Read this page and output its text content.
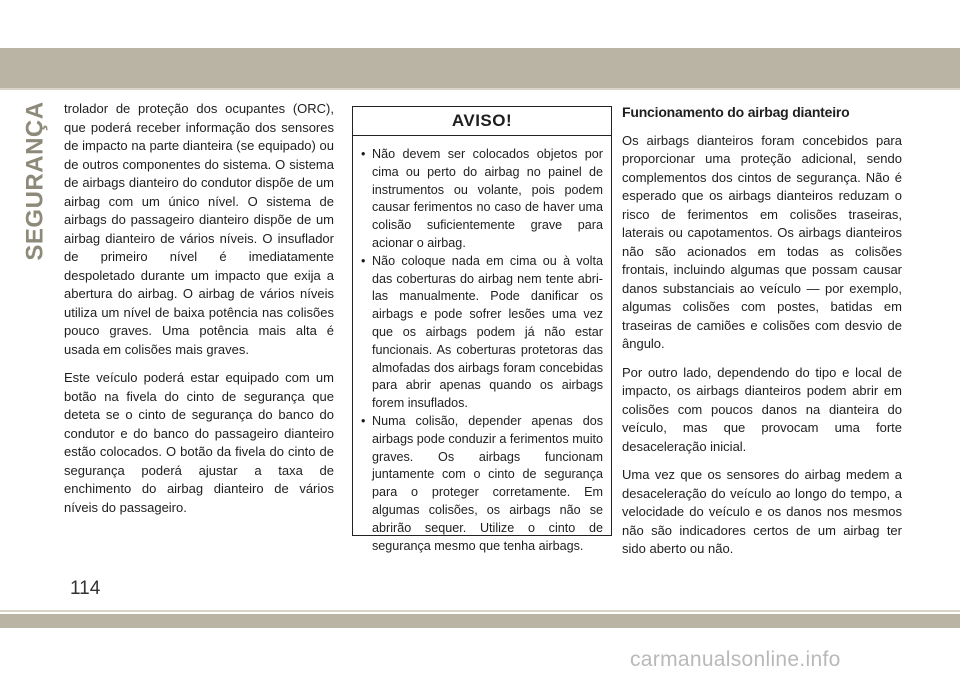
SEGURANÇA trolador de proteção dos ocupantes (ORC), que poderá receber informação dos sensores de impacto na parte dianteira (se equipado) ou de outros componentes do sistema. O sistema de airbags dianteiro do condutor dispõe de um airbag com um único nível. O sistema de airbags do passageiro dianteiro dispõe de um airbag dianteiro de vários níveis. O insuflador de primeiro nível é imediatamente despoletado durante um impacto que exija a abertura do airbag. O airbag de vários níveis utiliza um nível de baixa potência nas colisões pouco graves. Uma potência mais alta é usada em colisões mais graves.

Este veículo poderá estar equipado com um botão na fivela do cinto de segurança que deteta se o cinto de segurança do banco do condutor e do banco do passageiro dianteiro estão colocados. O botão da fivela do cinto de segurança poderá ajustar a taxa de enchimento do airbag dianteiro de vários níveis do passageiro.

AVISO!
• Não devem ser colocados objetos por cima ou perto do airbag no painel de instrumentos ou volante, pois podem causar ferimentos no caso de haver uma colisão suficientemente grave para acionar o airbag.
• Não coloque nada em cima ou à volta das coberturas do airbag nem tente abri-las manualmente. Pode danificar os airbags e pode sofrer lesões uma vez que os airbags podem já não estar funcionais. As coberturas protetoras das almofadas dos airbags foram concebidas para abrir apenas quando os airbags forem insuflados.
• Numa colisão, depender apenas dos airbags pode conduzir a ferimentos muito graves. Os airbags funcionam juntamente com o cinto de segurança para o proteger corretamente. Em algumas colisões, os airbags não se abrirão sequer. Utilize o cinto de segurança mesmo que tenha airbags.
Funcionamento do airbag dianteiro

Os airbags dianteiros foram concebidos para proporcionar uma proteção adicional, sendo complementos dos cintos de segurança. Não é esperado que os airbags dianteiros reduzam o risco de ferimentos em colisões traseiras, laterais ou capotamentos. Os airbags dianteiros não são acionados em todas as colisões frontais, incluindo algumas que possam causar danos substanciais ao veículo — por exemplo, algumas colisões com postes, batidas em traseiras de camiões e colisões com desvio de ângulo.

Por outro lado, dependendo do tipo e local de impacto, os airbags dianteiros podem abrir em colisões com poucos danos na dianteira do veículo, mas que provocam uma forte desaceleração inicial.

Uma vez que os sensores do airbag medem a desaceleração do veículo ao longo do tempo, a velocidade do veículo e os danos nos mesmos não são indicadores certos de um airbag ter sido aberto ou não.

114
carmanualsonline.info
